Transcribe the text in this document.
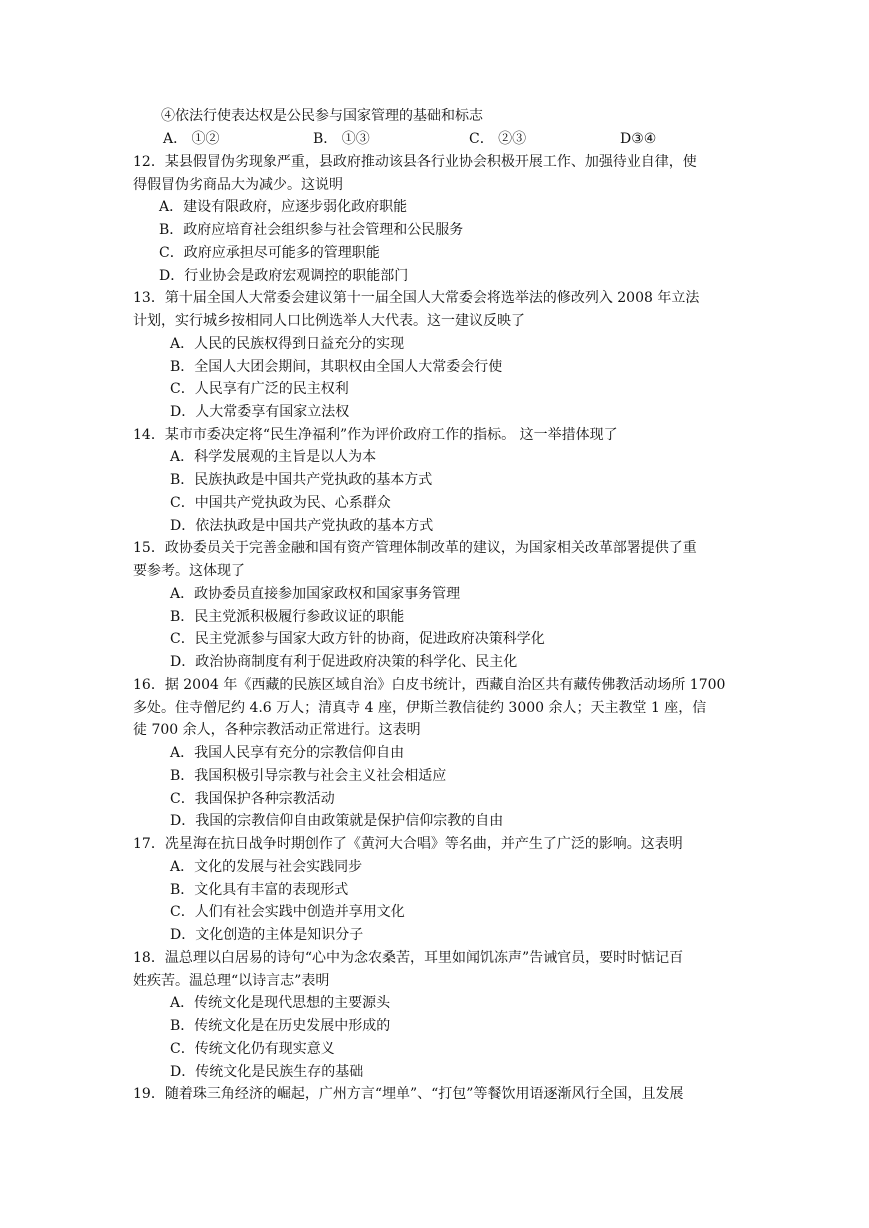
④依法行使表达权是公民参与国家管理的基础和标志
A． ①②	B． ①③	C． ②③	D③④
12．某县假冒伪劣现象严重，县政府推动该县各行业协会积极开展工作、加强待业自律，使
得假冒伪劣商品大为减少。这说明
A．建设有限政府，应逐步弱化政府职能
B．政府应培育社会组织参与社会管理和公民服务
C．政府应承担尽可能多的管理职能
D．行业协会是政府宏观调控的职能部门
13．第十届全国人大常委会建议第十一届全国人大常委会将选举法的修改列入 2008 年立法
计划，实行城乡按相同人口比例选举人大代表。这一建议反映了
A．人民的民族权得到日益充分的实现
B．全国人大团会期间，其职权由全国人大常委会行使
C．人民享有广泛的民主权利
D．人大常委享有国家立法权
14．某市市委决定将“民生净福利”作为评价政府工作的指标。 这一举措体现了
A．科学发展观的主旨是以人为本
B．民族执政是中国共产党执政的基本方式
C．中国共产党执政为民、心系群众
D．依法执政是中国共产党执政的基本方式
15．政协委员关于完善金融和国有资产管理体制改革的建议，为国家相关改革部署提供了重
要参考。这体现了
A．政协委员直接参加国家政权和国家事务管理
B．民主党派积极履行参政议证的职能
C．民主党派参与国家大政方针的协商，促进政府决策科学化
D．政治协商制度有利于促进政府决策的科学化、民主化
16．据 2004 年《西藏的民族区域自治》白皮书统计，西藏自治区共有藏传佛教活动场所 1700
多处。住寺僧尼约 4.6 万人；清真寺 4 座，伊斯兰教信徒约 3000 余人；天主教堂 1 座，信
徒 700 余人，各种宗教活动正常进行。这表明
A．我国人民享有充分的宗教信仰自由
B．我国积极引导宗教与社会主义社会相适应
C．我国保护各种宗教活动
D．我国的宗教信仰自由政策就是保护信仰宗教的自由
17．冼星海在抗日战争时期创作了《黄河大合唱》等名曲，并产生了广泛的影响。这表明
A．文化的发展与社会实践同步
B．文化具有丰富的表现形式
C．人们有社会实践中创造并享用文化
D．文化创造的主体是知识分子
18．温总理以白居易的诗句“心中为念农桑苦，耳里如闻饥冻声”告诫官员，要时时惦记百
姓疾苦。温总理“以诗言志”表明
A．传统文化是现代思想的主要源头
B．传统文化是在历史发展中形成的
C．传统文化仍有现实意义
D．传统文化是民族生存的基础
19．随着珠三角经济的崛起，广州方言“埋单”、“打包”等餐饮用语逐渐风行全国，且发展
